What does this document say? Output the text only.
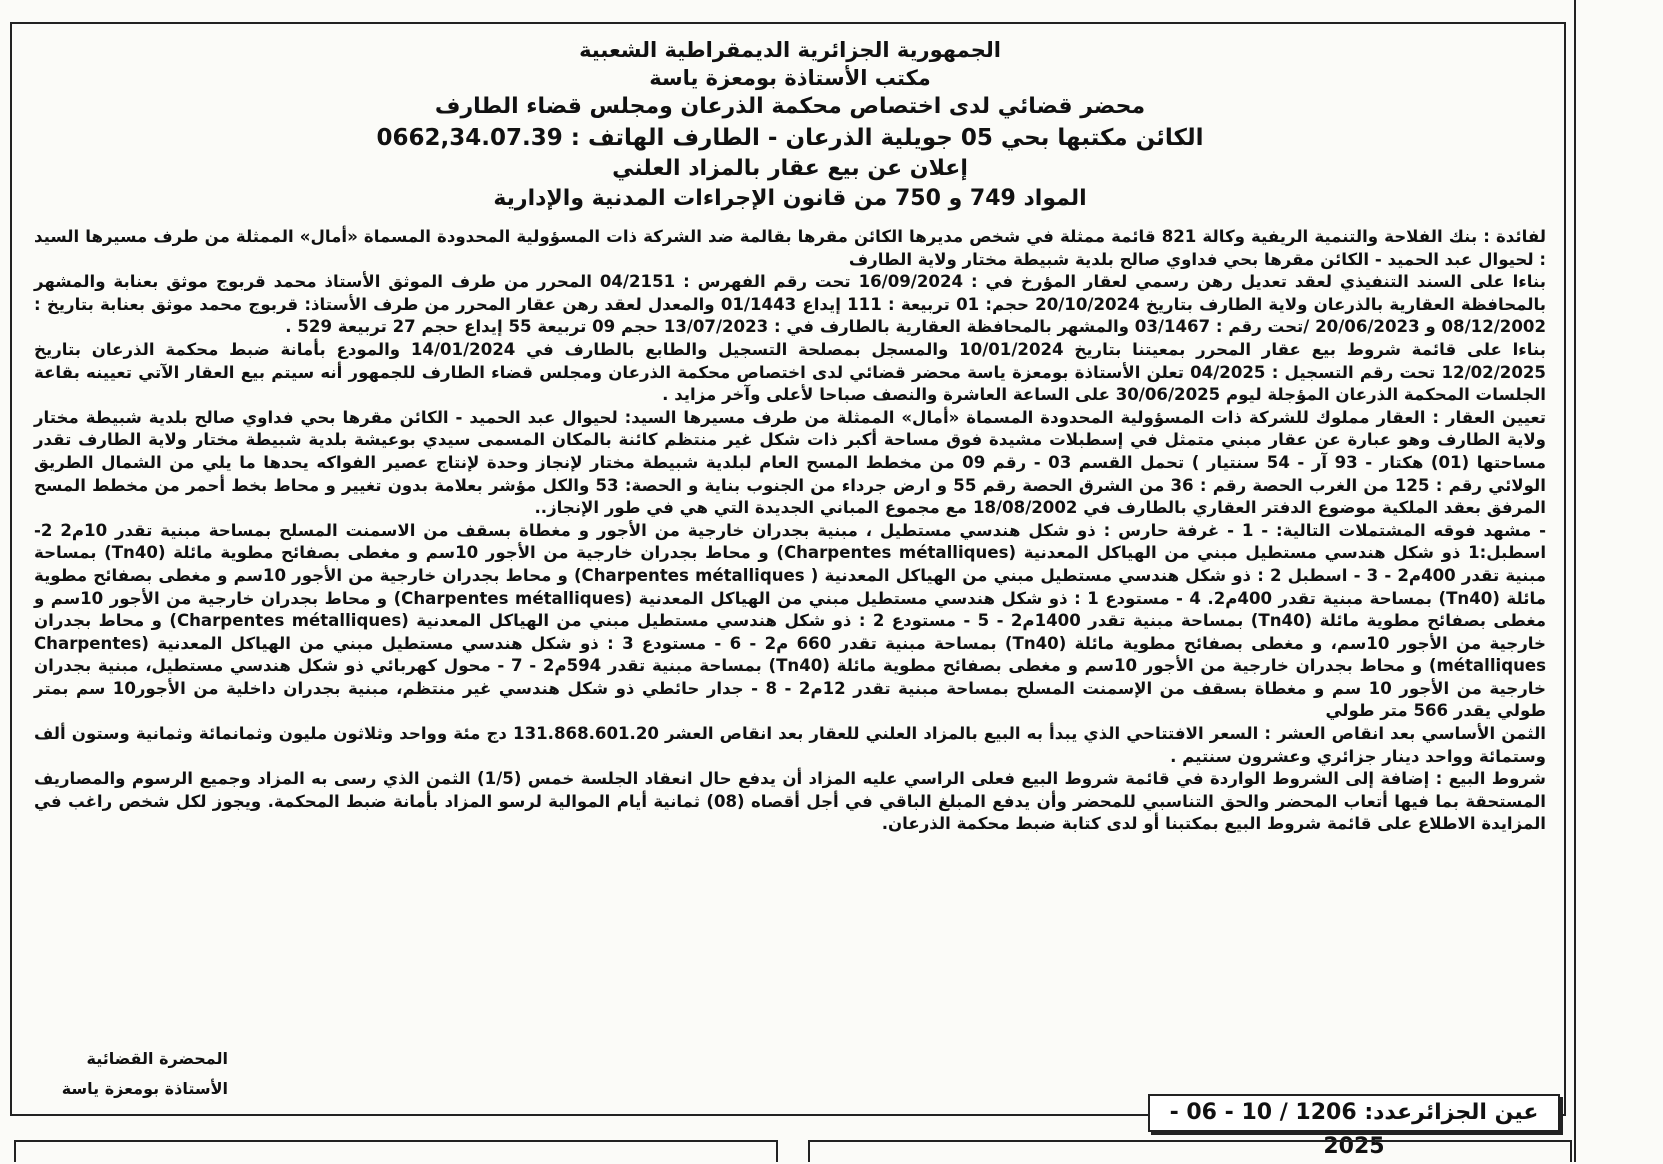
الجمهورية الجزائرية الديمقراطية الشعبية
مكتب الأستاذة بومعزة ياسة
محضر قضائي لدى اختصاص محكمة الذرعان ومجلس قضاء الطارف
الكائن مكتبها بحي 05 جويلية الذرعان - الطارف الهاتف : 0662,34.07.39
إعلان عن بيع عقار بالمزاد العلني
المواد 749 و 750 من قانون الإجراءات المدنية والإدارية

لفائدة : بنك الفلاحة والتنمية الريفية وكالة 821 قائمة ممثلة في شخص مديرها الكائن مقرها بقالمة ضد الشركة ذات المسؤولية المحدودة المسماة «أمال» الممثلة من طرف مسيرها السيد : لحيوال عبد الحميد - الكائن مقرها بحي فداوي صالح بلدية شبيطة مختار ولاية الطارف

بناءا على السند التنفيذي لعقد تعديل رهن رسمي لعقار المؤرخ في : 16/09/2024 تحت رقم الفهرس : 04/2151 المحرر من طرف الموثق الأستاذ محمد قربوج موثق بعنابة والمشهر بالمحافظة العقارية بالذرعان ولاية الطارف بتاريخ 20/10/2024 حجم: 01 تربيعة : 111 إيداع 01/1443 والمعدل لعقد رهن عقار المحرر من طرف الأستاذ: قربوج محمد موثق بعنابة بتاريخ : 08/12/2002 و 20/06/2023 /تحت رقم : 03/1467 والمشهر بالمحافظة العقارية بالطارف في : 13/07/2023 حجم 09 تربيعة 55 إيداع حجم 27 تربيعة 529 .

بناءا على قائمة شروط بيع عقار المحرر بمعيتنا بتاريخ 10/01/2024 والمسجل بمصلحة التسجيل والطابع بالطارف في 14/01/2024 والمودع بأمانة ضبط محكمة الذرعان بتاريخ 12/02/2025 تحت رقم التسجيل : 04/2025 تعلن الأستاذة بومعزة ياسة محضر قضائي لدى اختصاص محكمة الذرعان ومجلس قضاء الطارف للجمهور أنه سيتم بيع العقار الآتي تعيينه بقاعة الجلسات المحكمة الذرعان المؤجلة ليوم 30/06/2025 على الساعة العاشرة والنصف صباحا لأعلى وآخر مزايد .

تعيين العقار : العقار مملوك للشركة ذات المسؤولية المحدودة المسماة «أمال» الممثلة من طرف مسيرها السيد: لحيوال عبد الحميد - الكائن مقرها بحي فداوي صالح بلدية شبيطة مختار ولاية الطارف وهو عبارة عن عقار مبني متمثل في إسطبلات مشيدة فوق مساحة أكبر ذات شكل غير منتظم كائنة بالمكان المسمى سيدي بوعيشة بلدية شبيطة مختار ولاية الطارف تقدر مساحتها (01) هكتار - 93 آر - 54 سنتيار ) تحمل القسم 03 - رقم 09 من مخطط المسح العام لبلدية شبيطة مختار لإنجاز وحدة لإنتاج عصير الفواكه يحدها ما يلي من الشمال الطريق الولائي رقم : 125 من الغرب الحصة رقم : 36 من الشرق الحصة رقم 55 و ارض جرداء من الجنوب بناية و الحصة: 53 والكل مؤشر بعلامة بدون تغيير و محاط بخط أحمر من مخطط المسح المرفق بعقد الملكية موضوع الدفتر العقاري بالطارف في 18/08/2002 مع مجموع المباني الجديدة التي هي في طور الإنجاز..

- مشهد فوقه المشتملات التالية: - 1 - غرفة حارس : ذو شكل هندسي مستطيل ، مبنية بجدران خارجية من الأجور و مغطاة بسقف من الاسمنت المسلح بمساحة مبنية تقدر 10م2 2- اسطبل:1 ذو شكل هندسي مستطيل مبني من الهياكل المعدنية (Charpentes métalliques) و محاط بجدران خارجية من الأجور 10سم و مغطى بصفائح مطوية مائلة (Tn40) بمساحة مبنية تقدر 400م2 - 3 - اسطبل 2 : ذو شكل هندسي مستطيل مبني من الهياكل المعدنية ( Charpentes métalliques) و محاط بجدران خارجية من الأجور 10سم و مغطى بصفائح مطوية مائلة (Tn40) بمساحة مبنية تقدر 400م2. 4 - مستودع 1 : ذو شكل هندسي مستطيل مبني من الهياكل المعدنية (Charpentes métalliques) و محاط بجدران خارجية من الأجور 10سم و مغطى بصفائح مطوية مائلة (Tn40) بمساحة مبنية تقدر 1400م2 - 5 - مستودع 2 : ذو شكل هندسي مستطيل مبني من الهياكل المعدنية (Charpentes métalliques) و محاط بجدران خارجية من الأجور 10سم، و مغطى بصفائح مطوية مائلة (Tn40) بمساحة مبنية تقدر 660 م2 - 6 - مستودع 3 : ذو شكل هندسي مستطيل مبني من الهياكل المعدنية (Charpentes métalliques) و محاط بجدران خارجية من الأجور 10سم و مغطى بصفائح مطوية مائلة (Tn40) بمساحة مبنية تقدر 594م2 - 7 - محول كهربائي ذو شكل هندسي مستطيل، مبنية بجدران خارجية من الأجور 10 سم و مغطاة بسقف من الإسمنت المسلح بمساحة مبنية تقدر 12م2 - 8 - جدار حائطي ذو شكل هندسي غير منتظم، مبنية بجدران داخلية من الأجور10 سم بمتر طولي يقدر 566 متر طولي

الثمن الأساسي بعد انقاص العشر : السعر الافتتاحي الذي يبدأ به البيع بالمزاد العلني للعقار بعد انقاص العشر 131.868.601.20 دج مئة وواحد وثلاثون مليون وثمانمائة وثمانية وستون ألف وستمائة وواحد دينار جزائري وعشرون سنتيم .

شروط البيع : إضافة إلى الشروط الواردة في قائمة شروط البيع فعلى الراسي عليه المزاد أن يدفع حال انعقاد الجلسة خمس (1/5) الثمن الذي رسى به المزاد وجميع الرسوم والمصاريف المستحقة بما فيها أتعاب المحضر والحق التناسبي للمحضر وأن يدفع المبلغ الباقي في أجل أقصاه (08) ثمانية أيام الموالية لرسو المزاد بأمانة ضبط المحكمة. ويجوز لكل شخص راغب في المزايدة الاطلاع على قائمة شروط البيع بمكتبنا أو لدى كتابة ضبط محكمة الذرعان.

المحضرة القضائية
الأستاذة بومعزة ياسة
عين الجزائرعدد: 1206 / 10 - 06 - 2025
